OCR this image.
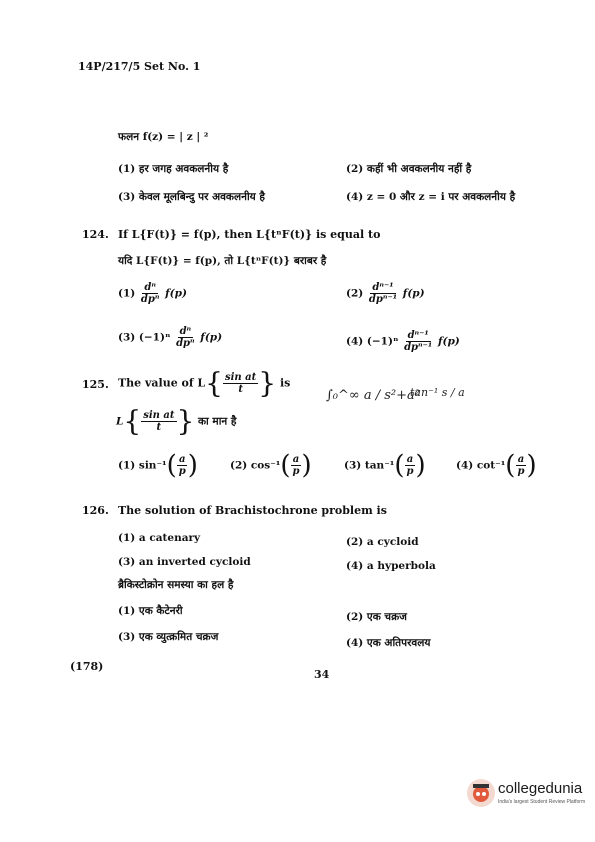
14P/217/5 Set No. 1
फलन f(z) = | z | ²
(1) हर जगह अवकलनीय है	(2) कहीं भी अवकलनीय नहीं है
(3) केवल मूलबिन्दु पर अवकलनीय है	(4) z = 0 और z = i पर अवकलनीय है
124. If L{F(t)} = f(p), then L{tⁿF(t)} is equal to
यदि L{F(t)} = f(p), तो L{tⁿF(t)} बराबर है
$(1) \frac{\text{dⁿ}}{\text{dpⁿ}} f(p)$	$(2) \frac{\text{dⁿ⁻¹}}{\text{dpⁿ⁻¹}} f(p)$
(3) $(-1)^n \frac{\text{dⁿ}}{\text{dpⁿ}} f(p)$	(4) $(-1)^n \frac{\text{dⁿ⁻¹}}{\text{dpⁿ⁻¹}} f(p)$
125. The value of $L\{ \frac{\text{sin at}}{t}$ } is
$L\{ \frac{\text{sin at}}{t}$ } का मान है
∫₀^∞ a / s²+a²
tan⁻¹ s / a
(1) $\sin^{-1}( \frac{a}{p}$ )	(2) $\cos^{-1}( \frac{a}{p}$ )	(3) $\tan^{-1}( \frac{a}{p}$ )	(4) $\cot^{-1}( \frac{a}{p}$ )
126. The solution of Brachistochrone problem is
(1) a catenary	(2) a cycloid
(3) an inverted cycloid	(4) a hyperbola
ब्रैकिस्टोक्रोन समस्या का हल है
(1) एक कैटेनरी	(2) एक चक्रज
(3) एक व्युत्क्रमित चक्रज	(4) एक अतिपरवलय
(178)
34
collegedunia
India's largest Student Review Platform
